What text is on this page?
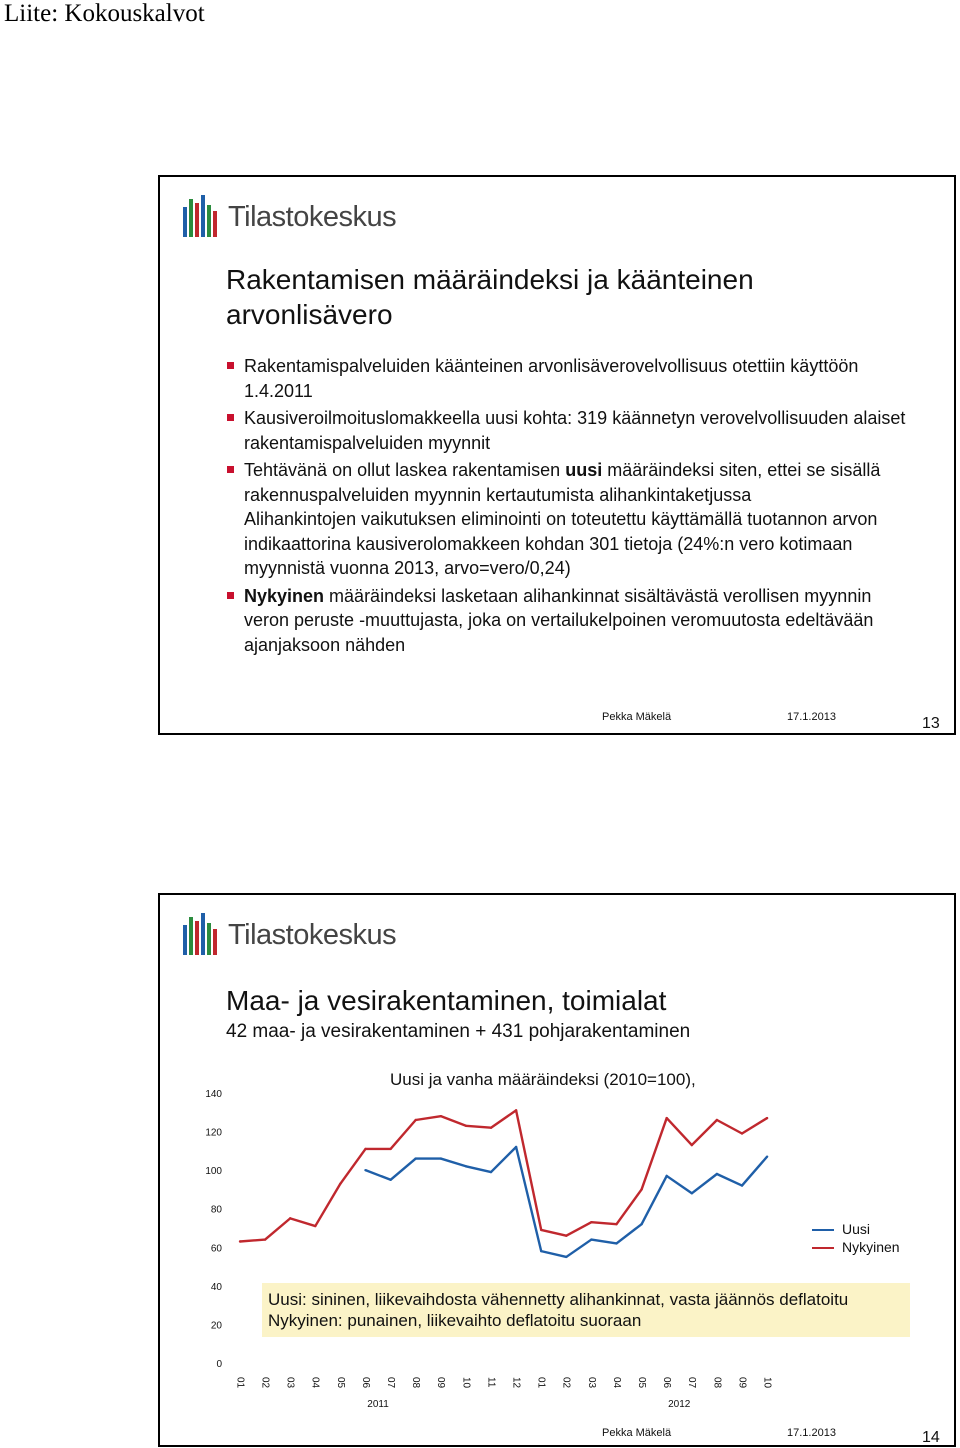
Liite: Kokouskalvot
Tilastokeskus
Rakentamisen määräindeksi ja käänteinen arvonlisävero
Rakentamispalveluiden käänteinen arvonlisäverovelvollisuus otettiin käyttöön 1.4.2011
Kausiveroilmoituslomakkeella uusi kohta: 319 käännetyn verovelvollisuuden alaiset rakentamispalveluiden myynnit
Tehtävänä on ollut laskea rakentamisen uusi määräindeksi siten, ettei se sisällä rakennuspalveluiden myynnin kertautumista alihankintaketjussa
Alihankintojen vaikutuksen eliminointi on toteutettu käyttämällä tuotannon arvon indikaattorina kausiverolomakkeen kohdan 301 tietoja (24%:n vero kotimaan myynnistä vuonna 2013, arvo=vero/0,24)
Nykyinen määräindeksi lasketaan alihankinnat sisältävästä verollisen myynnin veron peruste -muuttujasta, joka on vertailukelpoinen veromuutosta edeltävään ajanjaksoon nähden
Pekka Mäkelä	17.1.2013	13
Tilastokeskus
Maa- ja vesirakentaminen, toimialat
42 maa- ja vesirakentaminen + 431 pohjarakentaminen
Uusi ja vanha määräindeksi (2010=100),
0
20
40
60
80
100
120
140
01 02 03 04 05 06 07 08 09 10 11 12 01 02 03 04 05 06 07 08 09 10
2011	2012
Uusi
Nykyinen
Uusi: sininen, liikevaihdosta vähennetty alihankinnat, vasta jäännös deflatoitu
Nykyinen: punainen, liikevaihto deflatoitu suoraan
Pekka Mäkelä	17.1.2013	14
